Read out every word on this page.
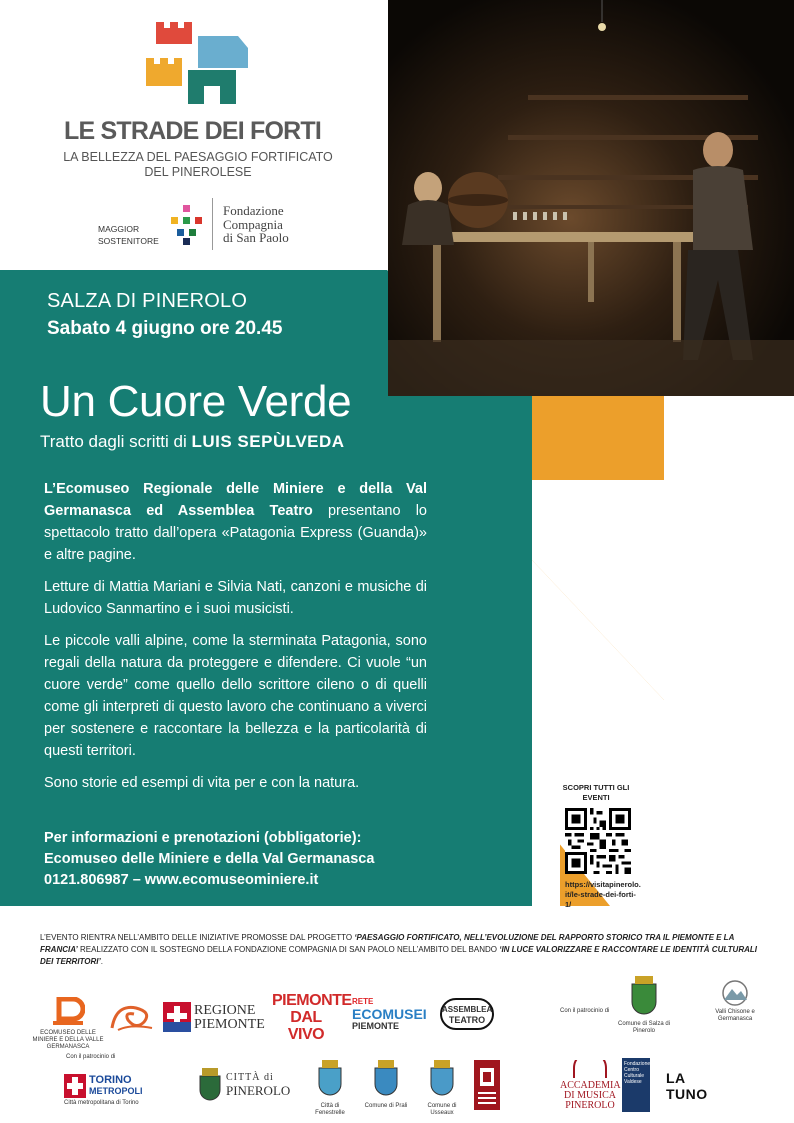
LE STRADE DEI FORTI
LA BELLEZZA DEL PAESAGGIO FORTIFICATO DEL PINEROLESE
MAGGIOR
SOSTENITORE
Fondazione
Compagnia
di San Paolo
SALZA DI PINEROLO
Sabato 4 giugno ore 20.45
Un Cuore Verde
Tratto dagli scritti di LUIS SEPÙLVEDA

L’Ecomuseo Regionale delle Miniere e della Val Germanasca ed Assemblea Teatro presentano lo spettacolo tratto dall’opera «Patagonia Express (Guanda)» e altre pagine.

Letture di Mattia Mariani e Silvia Nati, canzoni e musiche di Ludovico Sanmartino e i suoi musicisti.

Le piccole valli alpine, come la sterminata Patagonia, sono regali della natura da proteggere e difendere. Ci vuole “un cuore verde” come quello dello scrittore cileno o di quelli come gli interpreti di questo lavoro che continuano a viverci per sostenere e raccontare la bellezza e la particolarità di questi territori.

Sono storie ed esempi di vita per e con la natura.

Per informazioni e prenotazioni (obbligatorie):
Ecomuseo delle Miniere e della Val Germanasca
0121.806987 – www.ecomuseominiere.it
SCOPRI TUTTI GLI EVENTI
https://visitapinerolo.it/le-strade-dei-forti-1/
L’EVENTO RIENTRA NELL’AMBITO DELLE INIZIATIVE PROMOSSE DAL PROGETTO ‘PAESAGGIO FORTIFICATO, NELL’EVOLUZIONE DEL RAPPORTO STORICO TRA IL PIEMONTE E LA FRANCIA’ REALIZZATO CON IL SOSTEGNO DELLA FONDAZIONE COMPAGNIA DI SAN PAOLO NELL’AMBITO DEL BANDO ‘IN LUCE VALORIZZARE E RACCONTARE LE IDENTITÀ CULTURALI DEI TERRITORI’.
ECOMUSEO DELLE MINIERE E DELLA VALLE GERMANASCA
REGIONE
PIEMONTE
PIEMONTE
DAL VIVO
RETE
ECOMUSEI
PIEMONTE
ASSEMBLEA
TEATRO
Con il patrocinio di
Comune di Salza di Pinerolo
Valli Chisone e Germanasca
Con il patrocinio di
TORINO
METROPOLI
Città metropolitana di Torino
CITTÀ di
PINEROLO
Città di Fenestrelle
Comune di Prali	Comune di Usseaux
ACCADEMIA
DI MUSICA
PINEROLO
Fondazione Centro Culturale Valdese	LA TUNO
